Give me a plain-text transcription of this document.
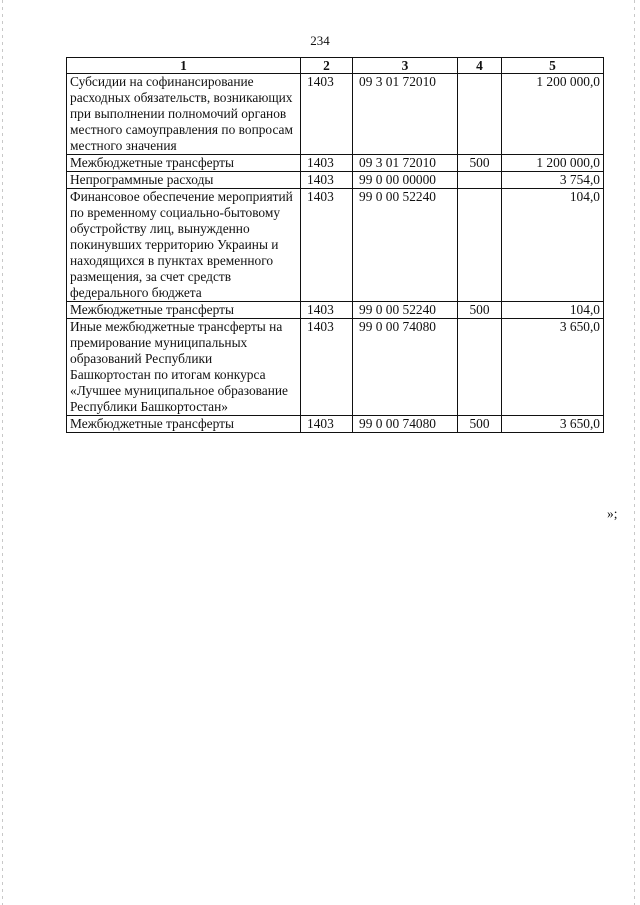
234
1	2	3	4	5
Субсидии на софинансирование расходных обязательств, возникающих при выполнении полномочий органов местного самоуправления по вопросам местного значения	1403	09 3 01 72010		1 200 000,0
Межбюджетные трансферты	1403	09 3 01 72010	500	1 200 000,0
Непрограммные расходы	1403	99 0 00 00000		3 754,0
Финансовое обеспечение мероприятий по временному социально-бытовому обустройству лиц, вынужденно покинувших территорию Украины и находящихся в пунктах временного размещения, за счет средств федерального бюджета	1403	99 0 00 52240		104,0
Межбюджетные трансферты	1403	99 0 00 52240	500	104,0
Иные межбюджетные трансферты на премирование муниципальных образований Республики Башкортостан по итогам конкурса «Лучшее муниципальное образование Республики Башкортостан»	1403	99 0 00 74080		3 650,0
Межбюджетные трансферты	1403	99 0 00 74080	500	3 650,0
»;
